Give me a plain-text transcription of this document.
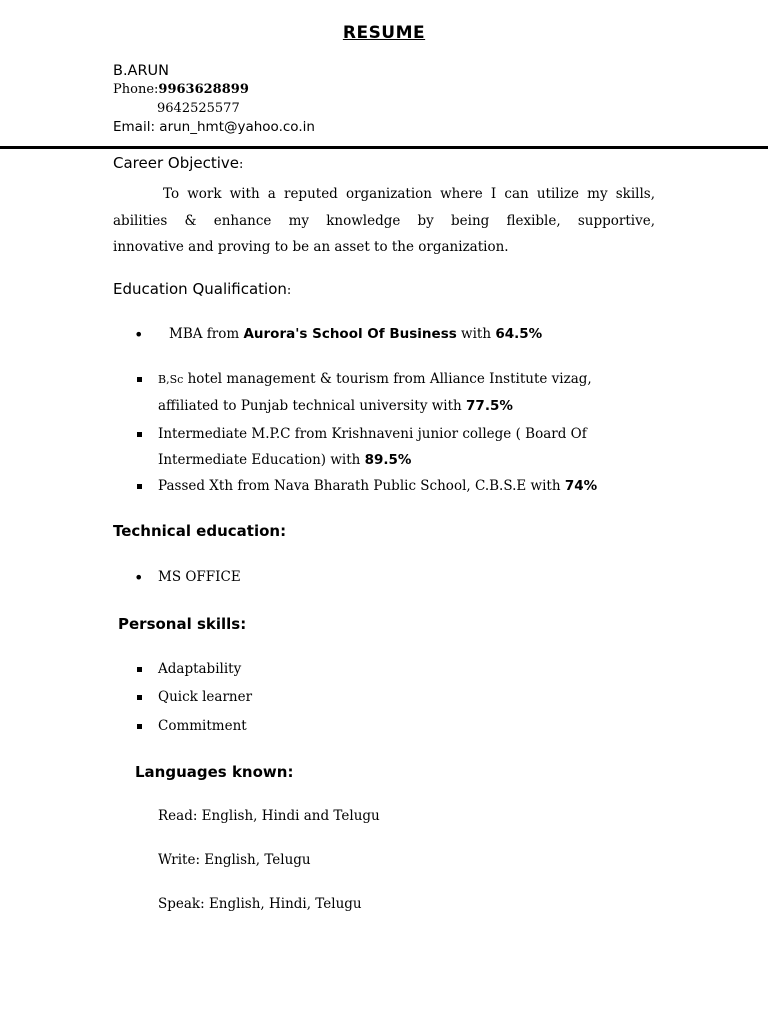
RESUME
B.ARUN
Phone:9963628899
9642525577
Email: arun_hmt@yahoo.co.in
Career Objective:
To work with a reputed organization where I can utilize my skills,
abilities & enhance my knowledge by being flexible, supportive,
innovative and proving to be an asset to the organization.
Education Qualification:
• MBA from Aurora's School Of Business with 64.5%
B,Sc hotel management & tourism from Alliance Institute vizag,
affiliated to Punjab technical university with 77.5%
Intermediate M.P.C from Krishnaveni junior college ( Board Of
Intermediate Education) with 89.5%
Passed Xth from Nava Bharath Public School, C.B.S.E with 74%
Technical education:
• MS OFFICE
Personal skills:
Adaptability
Quick learner
Commitment
Languages known:
Read: English, Hindi and Telugu
Write: English, Telugu
Speak: English, Hindi, Telugu
